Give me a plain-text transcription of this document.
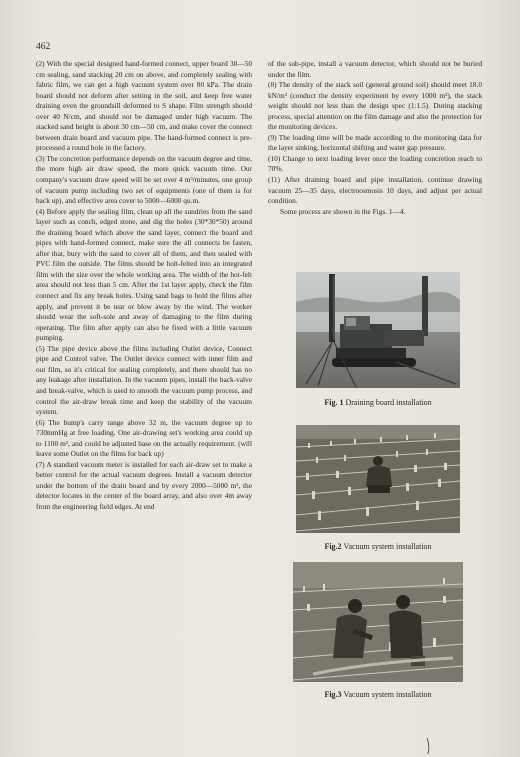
462

(2) With the special designed hand-formed connect, upper board 30—50 cm sealing, sand stacking 20 cm on above, and completely sealing with fabric film, we can get a high vacuum system over 80 kPa. The drain board should not deform after setting in the soil, and keep free water draining even the groundsill deformed to S shape. Film strength should over 40 N/cm, and should not be damaged under high vacuum. The stacked sand height is about 30 cm—50 cm, and make cover the connect between drain board and vacuum pipe. The hand-formed connect is pre-processed a round hole in the factory.

(3) The concretion performance depends on the vacuum degree and time, the more high air draw speed, the more quick vacuum time. Our company's vacuum draw speed will be set over 4 m³/minutes, one group of vacuum pump including two set of equipments (one of them is for back up), and effective area cover to 5000—6000 qu.m.

(4) Before apply the sealing film, clean up all the sundries from the sand layer such as conch, edged stone, and dig the holes (30*30*50) around the draining board which above the sand layer, connect the board and pipes with hand-formed connect, make sure the all connects be fasten, after that, bury with the sand to cover all of them, and then sealed with PVC film the outside. The films should be holt-felted into an integrated film with the size over the whole working area. The width of the hot-felt area should not less than 5 cm. After the 1st layer apply, check the film connect and fix any break holes. Using sand bags to hold the films after apply, and prevent it be tear or blow away by the wind. The worker should wear the soft-sole and away of damaging to the film during operating. The film after apply can also be fixed with a little vacuum pumping.

(5) The pipe device above the films including Outlet device, Connect pipe and Control valve. The Outlet device connect with inner film and out film, so it's critical for sealing completely, and there should has no any leakage after installation. In the vacuum pipes, install the back-valve and break-valve, which is used to smooth the vacuum pump process, and control the air-draw break time and keep the stability of the vacuum system.

(6) The bump's carry range above 32 m, the vacuum degree up to 730mmHg at free loading. One air-drawing set's working area could up to 1100 m², and could be adjusted base on the actually requirement. (will leave some Outlet on the films for back up)

(7) A standard vacuum meter is installed for each air-draw set to make a better control for the actual vacuum degrees. Install a vacuum detector under the bottom of the drain board and by every 2000—5000 m², the detector locates in the center of the board array, and also over 4m away from the engineering field edges. At end

of the sub-pipe, install a vacuum detector, which should not be buried under the film.

(8) The density of the stack soil (general ground soil) should meet 18.0 kN/m³ (conduct the density experiment by every 1000 m²), the stack weight should not less than the design spec (1:1.5). During stacking process, special attention on the film damage and also the protection for the monitoring devices.

(9) The loading time will be made according to the monitoring data for the layer sinking, horizontal shifting and water gap pressure.

(10) Change to next loading lever once the loading concretion reach to 70%.

(11) After draining board and pipe installation, continue drawing vacuum 25—35 days, electroosmosis 10 days, and adjust per actual condition.

Some process are shown in the Figs. 1—4.

Fig. 1 Draining board installation
Fig.2 Vacuum system installation
Fig.3 Vacuum system installation
